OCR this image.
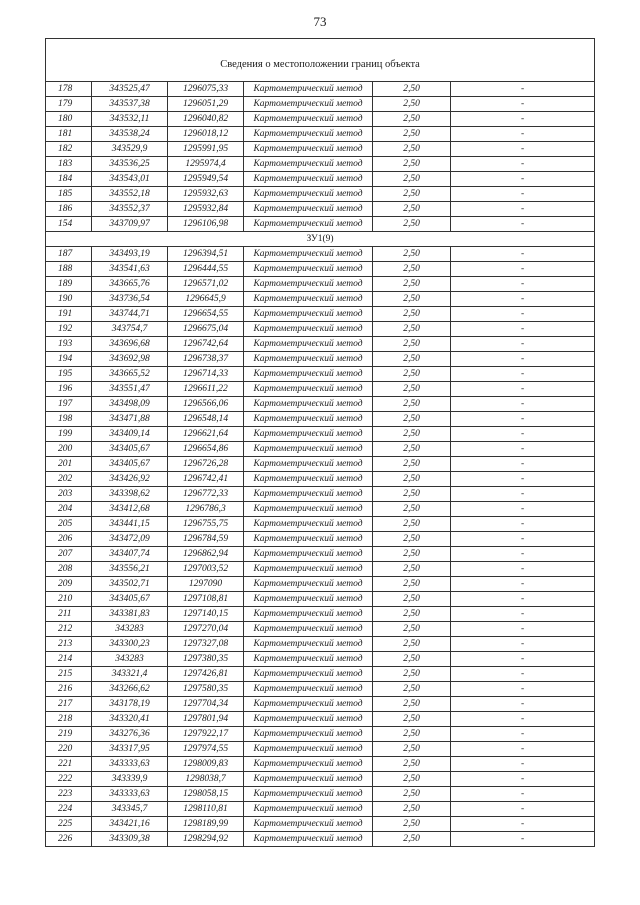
73
Сведения о местоположении границ объекта					
178	343525,47	1296075,33	Картометрический метод	2,50	-
179	343537,38	1296051,29	Картометрический метод	2,50	-
180	343532,11	1296040,82	Картометрический метод	2,50	-
181	343538,24	1296018,12	Картометрический метод	2,50	-
182	343529,9	1295991,95	Картометрический метод	2,50	-
183	343536,25	1295974,4	Картометрический метод	2,50	-
184	343543,01	1295949,54	Картометрический метод	2,50	-
185	343552,18	1295932,63	Картометрический метод	2,50	-
186	343552,37	1295932,84	Картометрический метод	2,50	-
154	343709,97	1296106,98	Картометрический метод	2,50	-
ЗУ1(9)					
187	343493,19	1296394,51	Картометрический метод	2,50	-
188	343541,63	1296444,55	Картометрический метод	2,50	-
189	343665,76	1296571,02	Картометрический метод	2,50	-
190	343736,54	1296645,9	Картометрический метод	2,50	-
191	343744,71	1296654,55	Картометрический метод	2,50	-
192	343754,7	1296675,04	Картометрический метод	2,50	-
193	343696,68	1296742,64	Картометрический метод	2,50	-
194	343692,98	1296738,37	Картометрический метод	2,50	-
195	343665,52	1296714,33	Картометрический метод	2,50	-
196	343551,47	1296611,22	Картометрический метод	2,50	-
197	343498,09	1296566,06	Картометрический метод	2,50	-
198	343471,88	1296548,14	Картометрический метод	2,50	-
199	343409,14	1296621,64	Картометрический метод	2,50	-
200	343405,67	1296654,86	Картометрический метод	2,50	-
201	343405,67	1296726,28	Картометрический метод	2,50	-
202	343426,92	1296742,41	Картометрический метод	2,50	-
203	343398,62	1296772,33	Картометрический метод	2,50	-
204	343412,68	1296786,3	Картометрический метод	2,50	-
205	343441,15	1296755,75	Картометрический метод	2,50	-
206	343472,09	1296784,59	Картометрический метод	2,50	-
207	343407,74	1296862,94	Картометрический метод	2,50	-
208	343556,21	1297003,52	Картометрический метод	2,50	-
209	343502,71	1297090	Картометрический метод	2,50	-
210	343405,67	1297108,81	Картометрический метод	2,50	-
211	343381,83	1297140,15	Картометрический метод	2,50	-
212	343283	1297270,04	Картометрический метод	2,50	-
213	343300,23	1297327,08	Картометрический метод	2,50	-
214	343283	1297380,35	Картометрический метод	2,50	-
215	343321,4	1297426,81	Картометрический метод	2,50	-
216	343266,62	1297580,35	Картометрический метод	2,50	-
217	343178,19	1297704,34	Картометрический метод	2,50	-
218	343320,41	1297801,94	Картометрический метод	2,50	-
219	343276,36	1297922,17	Картометрический метод	2,50	-
220	343317,95	1297974,55	Картометрический метод	2,50	-
221	343333,63	1298009,83	Картометрический метод	2,50	-
222	343339,9	1298038,7	Картометрический метод	2,50	-
223	343333,63	1298058,15	Картометрический метод	2,50	-
224	343345,7	1298110,81	Картометрический метод	2,50	-
225	343421,16	1298189,99	Картометрический метод	2,50	-
226	343309,38	1298294,92	Картометрический метод	2,50	-
